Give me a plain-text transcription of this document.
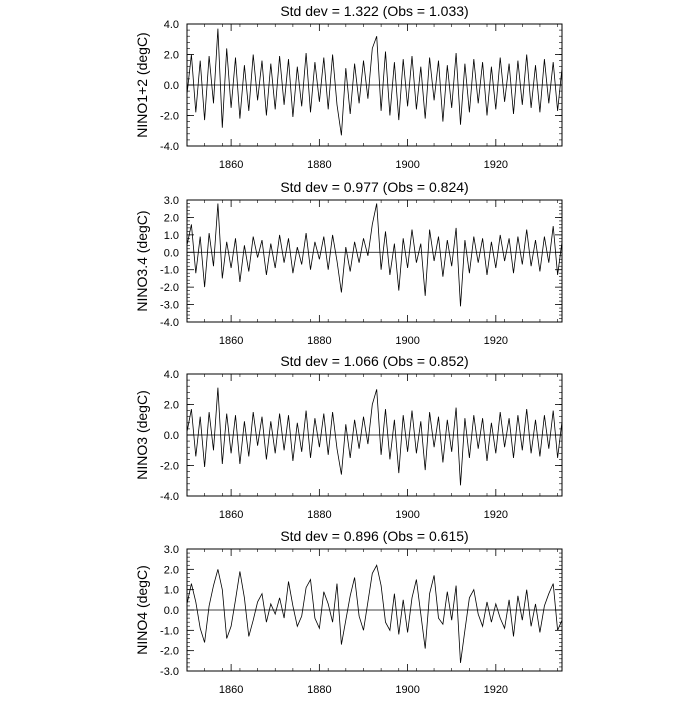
Std dev = 1.322 (Obs = 1.033)
NINO1+2 (degC)
-4.0
-2.0
0.0
2.0
4.0
1860	1880	1900	1920
Std dev = 0.977 (Obs = 0.824)
NINO3.4 (degC)
-4.0
-3.0
-2.0
-1.0
0.0
1.0
2.0
3.0
1860	1880	1900	1920
Std dev = 1.066 (Obs = 0.852)
NINO3 (degC)
-4.0
-2.0
0.0
2.0
4.0
1860	1880	1900	1920
Std dev = 0.896 (Obs = 0.615)
NINO4 (degC)
-3.0
-2.0
-1.0
0.0
1.0
2.0
3.0
1860	1880	1900	1920
